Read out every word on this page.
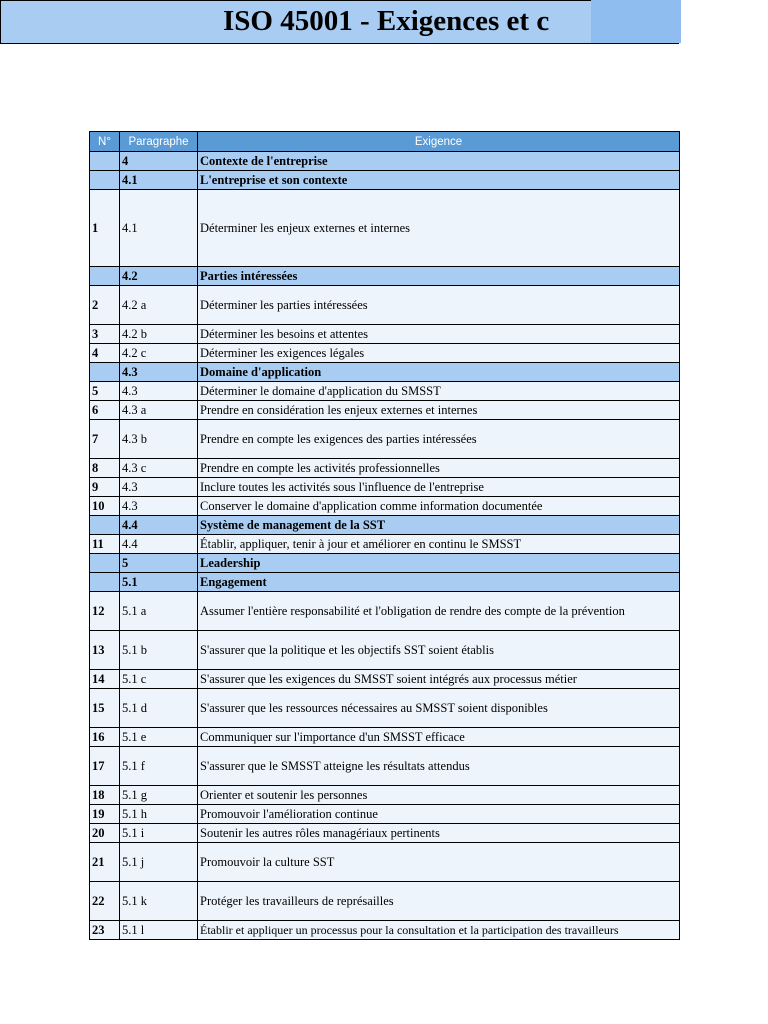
ISO 45001 - Exigences et c
N°	Paragraphe	Exigence
	4	Contexte de l'entreprise
	4.1	L'entreprise et son contexte
1	4.1	Déterminer les enjeux externes et internes
	4.2	Parties intéressées
2	4.2 a	Déterminer les parties intéressées
3	4.2 b	Déterminer les besoins et attentes
4	4.2 c	Déterminer les exigences légales
	4.3	Domaine d'application
5	4.3	Déterminer le domaine d'application du SMSST
6	4.3 a	Prendre en considération les enjeux externes et internes
7	4.3 b	Prendre en compte les exigences des parties intéressées
8	4.3 c	Prendre en compte les activités professionnelles
9	4.3	Inclure toutes les activités sous l'influence de l'entreprise
10	4.3	Conserver le domaine d'application comme information documentée
	4.4	Système de management de la SST
11	4.4	Établir, appliquer, tenir à jour et améliorer en continu le SMSST
	5	Leadership
	5.1	Engagement
12	5.1 a	Assumer l'entière responsabilité et l'obligation de rendre des compte de la prévention
13	5.1 b	S'assurer que la politique et les objectifs SST soient établis
14	5.1 c	S'assurer que les exigences du SMSST soient intégrés aux processus métier
15	5.1 d	S'assurer que les ressources nécessaires au SMSST soient disponibles
16	5.1 e	Communiquer sur l'importance d'un SMSST efficace
17	5.1 f	S'assurer que le SMSST atteigne les résultats attendus
18	5.1 g	Orienter et soutenir les personnes
19	5.1 h	Promouvoir l'amélioration continue
20	5.1 i	Soutenir les autres rôles managériaux pertinents
21	5.1 j	Promouvoir la culture SST
22	5.1 k	Protéger les travailleurs de représailles
23	5.1 l	Établir et appliquer un processus pour la consultation et la participation des travailleurs
